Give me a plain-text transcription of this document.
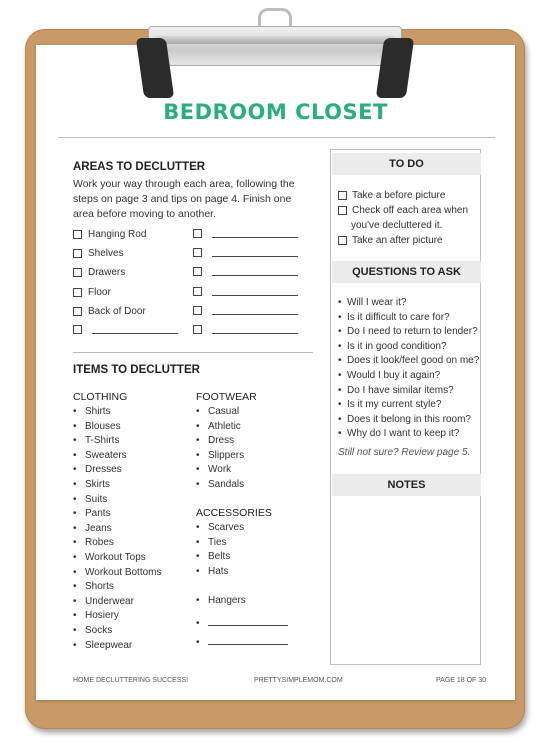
BEDROOM CLOSET
AREAS TO DECLUTTER
Work your way through each area, following the steps on page 3 and tips on page 4. Finish one area before moving to another.
Hanging Rod
Shelves
Drawers
Floor
Back of Door
ITEMS TO DECLUTTER
CLOTHING
• Shirts
• Blouses
• T-Shirts
• Sweaters
• Dresses
• Skirts
• Suits
• Pants
• Jeans
• Robes
• Workout Tops
• Workout Bottoms
• Shorts
• Underwear
• Hosiery
• Socks
• Sleepwear
FOOTWEAR
• Casual
• Athletic
• Dress
• Slippers
• Work
• Sandals
ACCESSORIES
• Scarves
• Ties
• Belts
• Hats
• Hangers
•
•
TO DO
QUESTIONS TO ASK
NOTES
Take a before picture
Check off each area when
you've decluttered it.
Take an after picture
• Will I wear it?
• Is it difficult to care for?
• Do I need to return to lender?
• Is it in good condition?
• Does it look/feel good on me?
• Would I buy it again?
• Do I have similar items?
• Is it my current style?
• Does it belong in this room?
• Why do I want to keep it?
Still not sure? Review page 5.
HOME DECLUTTERING SUCCESS!	PRETTYSIMPLEMOM.COM	PAGE 18 OF 30
